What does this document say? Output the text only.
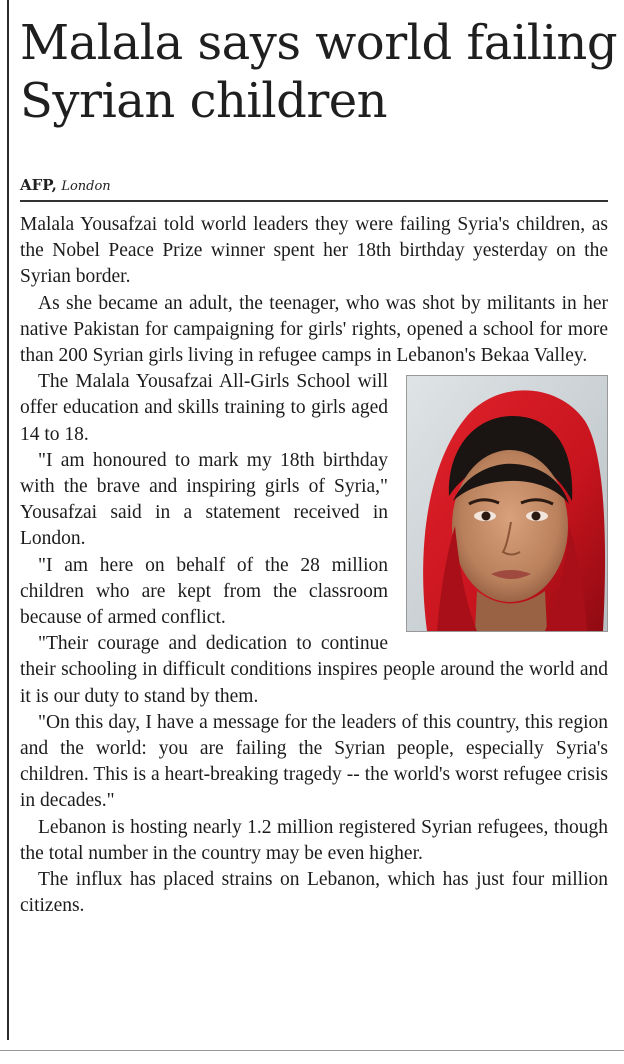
Malala says world failing Syrian children
AFP, London

Malala Yousafzai told world leaders they were failing Syria's children, as the Nobel Peace Prize winner spent her 18th birthday yesterday on the Syrian border.

As she became an adult, the teenager, who was shot by militants in her native Pakistan for campaigning for girls' rights, opened a school for more than 200 Syrian girls living in refugee camps in Lebanon's Bekaa Valley.

The Malala Yousafzai All-Girls School will offer education and skills training to girls aged 14 to 18.

"I am honoured to mark my 18th birthday with the brave and inspiring girls of Syria," Yousafzai said in a statement received in London.

"I am here on behalf of the 28 million children who are kept from the classroom because of armed conflict.

"Their courage and dedication to continue their schooling in difficult conditions inspires people around the world and it is our duty to stand by them.

"On this day, I have a message for the leaders of this country, this region and the world: you are failing the Syrian people, especially Syria's children. This is a heart-breaking tragedy -- the world's worst refugee crisis in decades."

Lebanon is hosting nearly 1.2 million registered Syrian refugees, though the total number in the country may be even higher.

The influx has placed strains on Lebanon, which has just four million citizens.
